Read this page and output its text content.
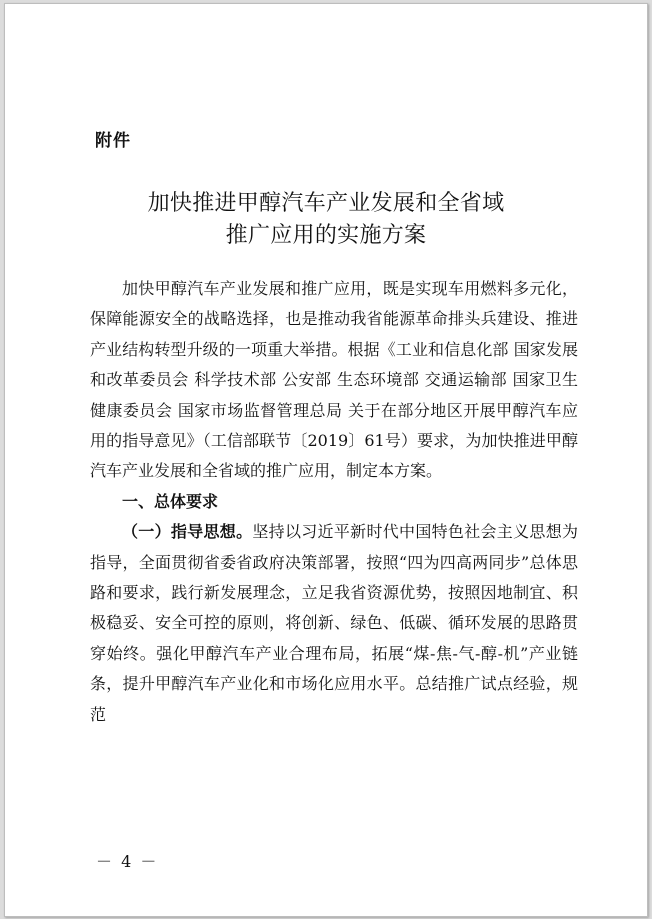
附件
加快推进甲醇汽车产业发展和全省域
推广应用的实施方案

加快甲醇汽车产业发展和推广应用，既是实现车用燃料多元化，保障能源安全的战略选择，也是推动我省能源革命排头兵建设、推进产业结构转型升级的一项重大举措。根据《工业和信息化部 国家发展和改革委员会 科学技术部 公安部 生态环境部 交通运输部 国家卫生健康委员会 国家市场监督管理总局 关于在部分地区开展甲醇汽车应用的指导意见》（工信部联节〔2019〕61号）要求，为加快推进甲醇汽车产业发展和全省域的推广应用，制定本方案。

一、总体要求

（一）指导思想。坚持以习近平新时代中国特色社会主义思想为指导，全面贯彻省委省政府决策部署，按照“四为四高两同步”总体思路和要求，践行新发展理念，立足我省资源优势，按照因地制宜、积极稳妥、安全可控的原则，将创新、绿色、低碳、循环发展的思路贯穿始终。强化甲醇汽车产业合理布局，拓展“煤-焦-气-醇-机”产业链条，提升甲醇汽车产业化和市场化应用水平。总结推广试点经验，规范

－ 4 －
